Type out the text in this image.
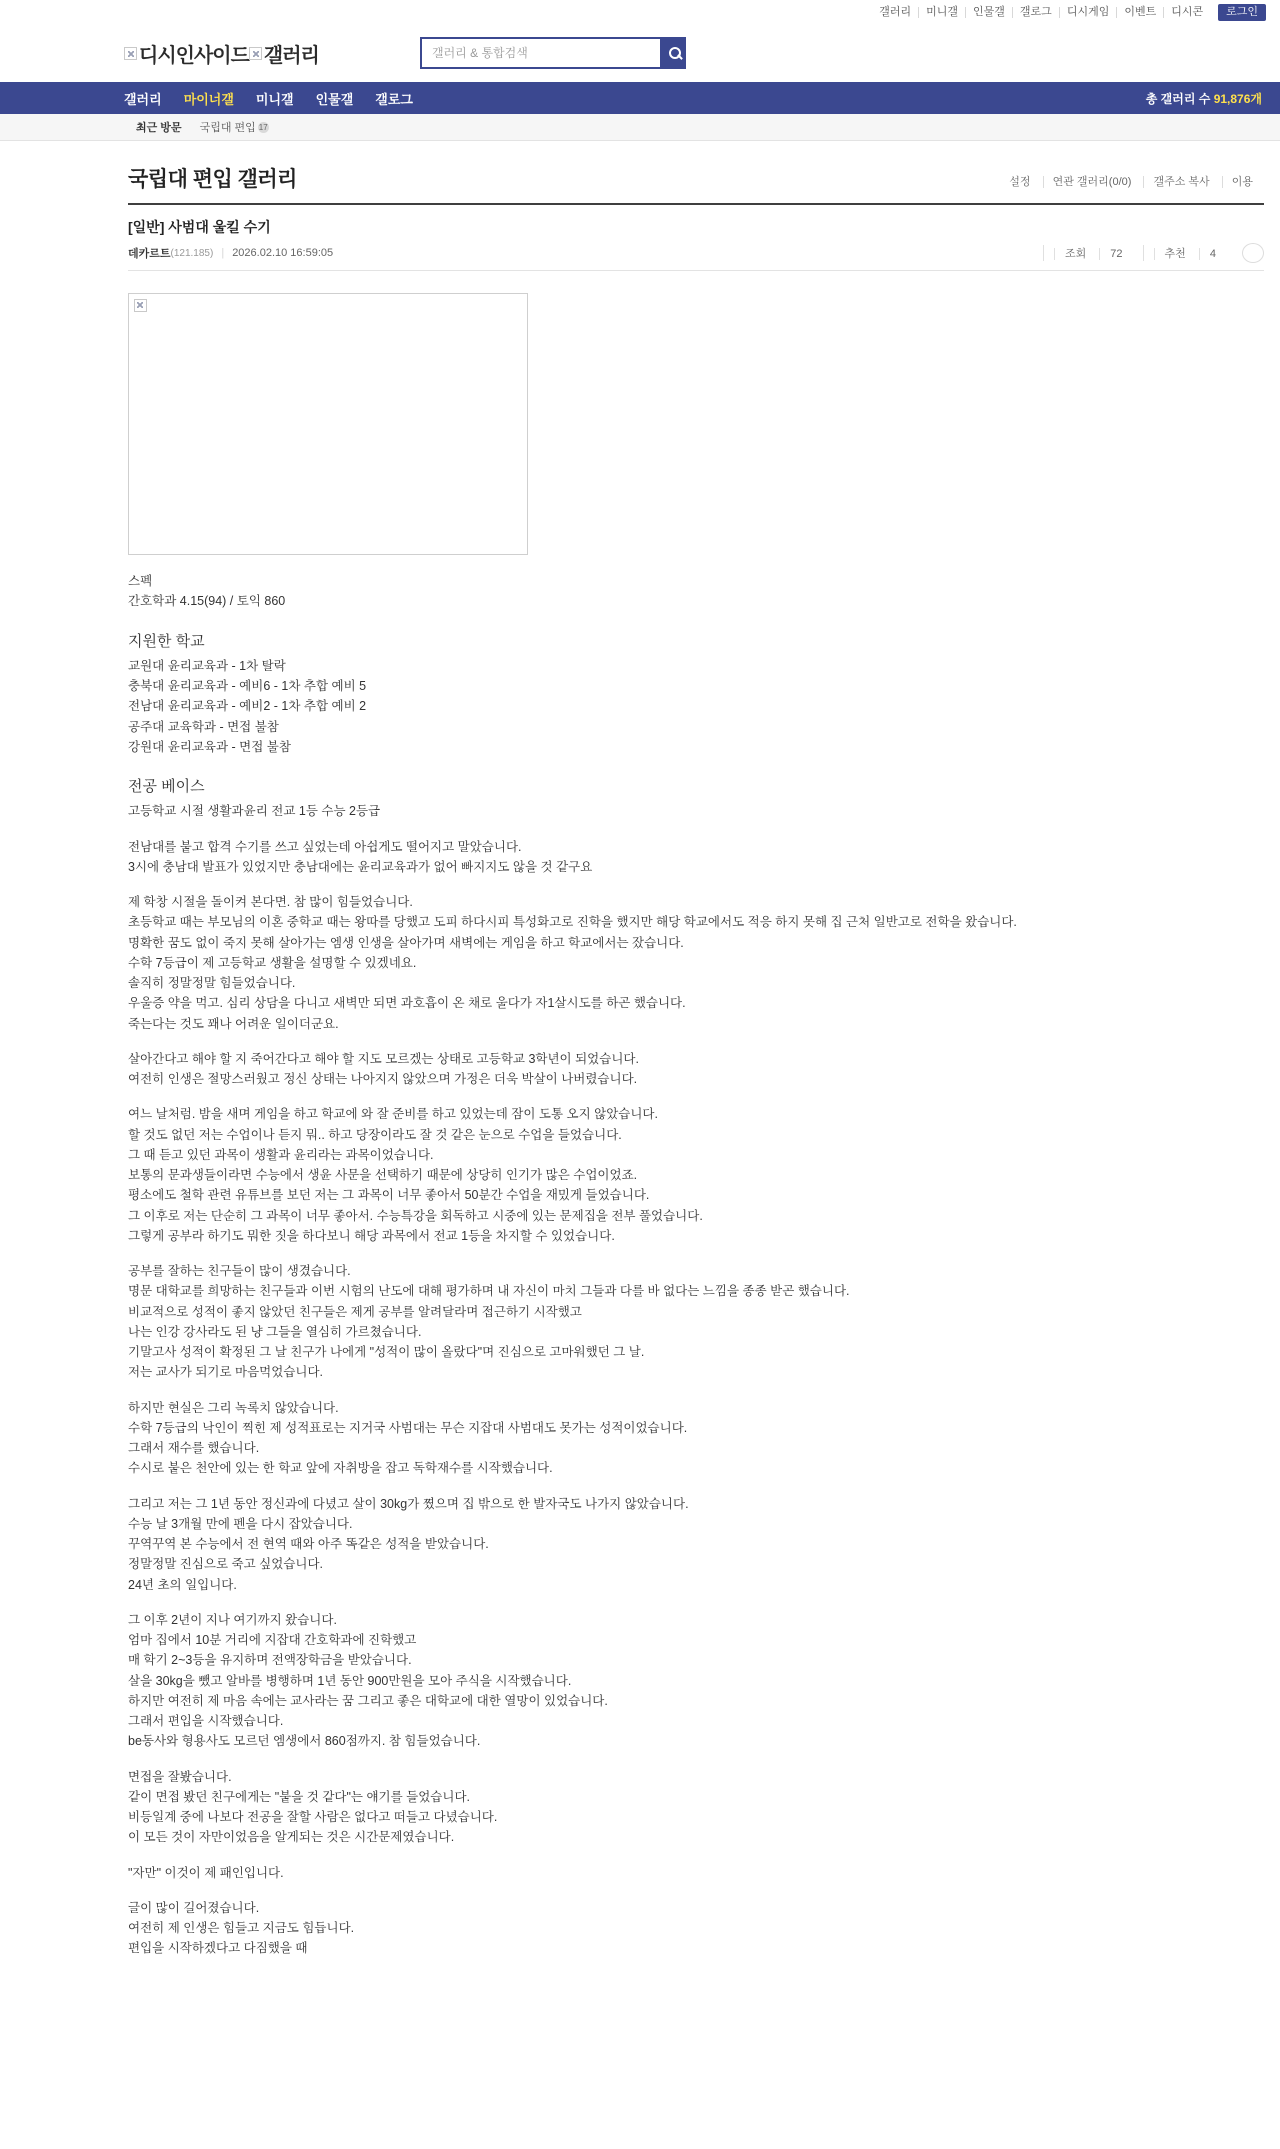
갤러리	미니갤	인물갤	갤로그	디시게임	이벤트	디시콘	로그인
디시인사이드 갤러리
갤러리 & 통합검색
갤러리 마이너갤 미니갤 인물갤 갤로그	총 갤러리 수 91,876개
최근 방문 국립대 편입 17
국립대 편입 갤러리	설정 연관 갤러리(0/0) 갤주소 복사 이용
[일반] 사범대 울킬 수기
데카르트 (121.185) | 2026.02.10 16:59:05	조회 72	추천 4
스펙
간호학과 4.15(94) / 토익 860
지원한 학교
교원대 윤리교육과 - 1차 탈락
충북대 윤리교육과 - 예비6 - 1차 추합 예비 5
전남대 윤리교육과 - 예비2 - 1차 추합 예비 2
공주대 교육학과 - 면접 불참
강원대 윤리교육과 - 면접 불참
전공 베이스
고등학교 시절 생활과윤리 전교 1등 수능 2등급
전남대를 붙고 합격 수기를 쓰고 싶었는데 아쉽게도 떨어지고 말았습니다.
3시에 충남대 발표가 있었지만 충남대에는 윤리교육과가 없어 빠지지도 않을 것 같구요
제 학창 시절을 돌이켜 본다면. 참 많이 힘들었습니다.
초등학교 때는 부모님의 이혼 중학교 때는 왕따를 당했고 도피 하다시피 특성화고로 진학을 했지만 해당 학교에서도 적응 하지 못해 집 근처 일반고로 전학을 왔습니다.
명확한 꿈도 없이 죽지 못해 살아가는 엠생 인생을 살아가며 새벽에는 게임을 하고 학교에서는 잤습니다.
수학 7등급이 제 고등학교 생활을 설명할 수 있겠네요.
솔직히 정말정말 힘들었습니다.
우울증 약을 먹고. 심리 상담을 다니고 새벽만 되면 과호흡이 온 채로 울다가 자1살시도를 하곤 했습니다.
죽는다는 것도 꽤나 어려운 일이더군요.
살아간다고 해야 할 지 죽어간다고 해야 할 지도 모르겠는 상태로 고등학교 3학년이 되었습니다.
여전히 인생은 절망스러웠고 정신 상태는 나아지지 않았으며 가정은 더욱 박살이 나버렸습니다.
여느 날처럼. 밤을 새며 게임을 하고 학교에 와 잘 준비를 하고 있었는데 잠이 도통 오지 않았습니다.
할 것도 없던 저는 수업이나 듣지 뭐.. 하고 당장이라도 잘 것 같은 눈으로 수업을 들었습니다.
그 때 듣고 있던 과목이 생활과 윤리라는 과목이었습니다.
보통의 문과생들이라면 수능에서 생윤 사문을 선택하기 때문에 상당히 인기가 많은 수업이었죠.
평소에도 철학 관련 유튜브를 보던 저는 그 과목이 너무 좋아서 50분간 수업을 재밌게 들었습니다.
그 이후로 저는 단순히 그 과목이 너무 좋아서. 수능특강을 회독하고 시중에 있는 문제집을 전부 풀었습니다.
그렇게 공부라 하기도 뭐한 짓을 하다보니 해당 과목에서 전교 1등을 차지할 수 있었습니다.
공부를 잘하는 친구들이 많이 생겼습니다.
명문 대학교를 희망하는 친구들과 이번 시험의 난도에 대해 평가하며 내 자신이 마치 그들과 다를 바 없다는 느낌을 종종 받곤 했습니다.
비교적으로 성적이 좋지 않았던 친구들은 제게 공부를 알려달라며 접근하기 시작했고
나는 인강 강사라도 된 냥 그들을 열심히 가르쳤습니다.
기말고사 성적이 확정된 그 날 친구가 나에게 "성적이 많이 올랐다"며 진심으로 고마워했던 그 날.
저는 교사가 되기로 마음먹었습니다.
하지만 현실은 그리 녹록치 않았습니다.
수학 7등급의 낙인이 찍힌 제 성적표로는 지거국 사범대는 무슨 지잡대 사범대도 못가는 성적이었습니다.
그래서 재수를 했습니다.
수시로 붙은 천안에 있는 한 학교 앞에 자취방을 잡고 독학재수를 시작했습니다.
그리고 저는 그 1년 동안 정신과에 다녔고 살이 30kg가 쪘으며 집 밖으로 한 발자국도 나가지 않았습니다.
수능 날 3개월 만에 펜을 다시 잡았습니다.
꾸역꾸역 본 수능에서 전 현역 때와 아주 똑같은 성적을 받았습니다.
정말정말 진심으로 죽고 싶었습니다.
24년 초의 일입니다.
그 이후 2년이 지나 여기까지 왔습니다.
엄마 집에서 10분 거리에 지잡대 간호학과에 진학했고
매 학기 2~3등을 유지하며 전액장학금을 받았습니다.
살을 30kg을 뺐고 알바를 병행하며 1년 동안 900만원을 모아 주식을 시작했습니다.
하지만 여전히 제 마음 속에는 교사라는 꿈 그리고 좋은 대학교에 대한 열망이 있었습니다.
그래서 편입을 시작했습니다.
be동사와 형용사도 모르던 엠생에서 860점까지. 참 힘들었습니다.
면접을 잘봤습니다.
같이 면접 봤던 친구에게는 "붙을 것 같다"는 얘기를 들었습니다.
비등일계 중에 나보다 전공을 잘할 사람은 없다고 떠들고 다녔습니다.
이 모든 것이 자만이었음을 알게되는 것은 시간문제였습니다.
"자만" 이것이 제 패인입니다.
글이 많이 길어졌습니다.
여전히 제 인생은 힘들고 지금도 힘듭니다.
편입을 시작하겠다고 다짐했을 때
